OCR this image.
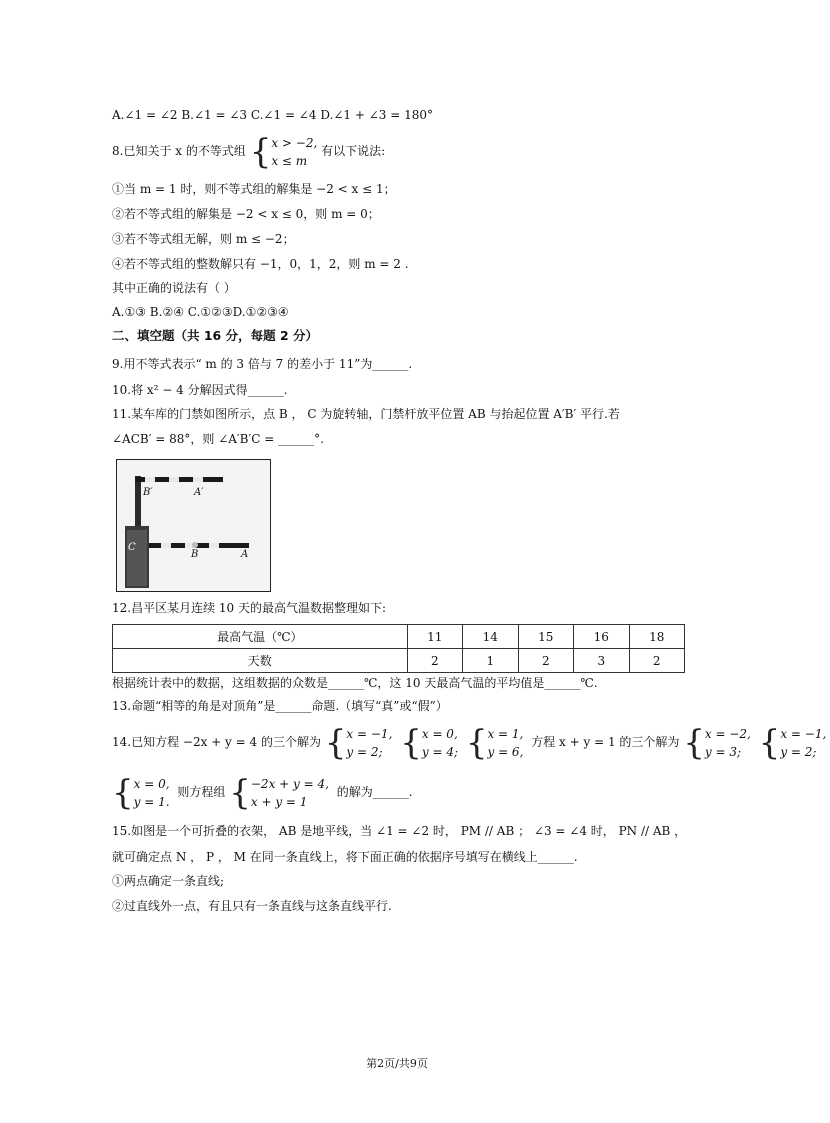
A.∠1 = ∠2 B.∠1 = ∠3 C.∠1 = ∠4 D.∠1 + ∠3 = 180°
8.已知关于 x 的不等式组 { x > −2,
x ≤ m
有以下说法:
①当 m = 1 时，则不等式组的解集是 −2 < x ≤ 1；
②若不等式组的解集是 −2 < x ≤ 0，则 m = 0；
③若不等式组无解，则 m ≤ −2；
④若不等式组的整数解只有 −1，0，1，2，则 m = 2 .
其中正确的说法有（ ）
A.①③ B.②④ C.①②③D.①②③④
二、填空题（共 16 分，每题 2 分）
9.用不等式表示“ m 的 3 倍与 7 的差小于 11”为______.
10.将 x² − 4 分解因式得______.
11.某车库的门禁如图所示，点 B ， C 为旋转轴，门禁杆放平位置 AB 与抬起位置 A′B′ 平行.若
∠ACB′ = 88°，则 ∠A′B′C = ______°.
B′	A′
C
B	A
12.昌平区某月连续 10 天的最高气温数据整理如下:
最高气温（℃）	11	14	15	16	18
天数	2	1	2	3	2
根据统计表中的数据，这组数据的众数是______℃，这 10 天最高气温的平均值是______℃.
13.命题“相等的角是对顶角”是______命题.（填写“真”或“假”）
14.已知方程 −2x + y = 4 的三个解为 { x = −1,
y = 2;
{ x = 0,
y = 4;
{ x = 1,
y = 6,
方程 x + y = 1 的三个解为 { x = −2,
y = 3;
{ x = −1,
y = 2;
{ x = 0,
y = 1.
则方程组 { −2x + y = 4,
x + y = 1
的解为______.
15.如图是一个可折叠的衣架， AB 是地平线，当 ∠1 = ∠2 时， PM // AB ； ∠3 = ∠4 时， PN // AB ，
就可确定点 N ， P ， M 在同一条直线上，将下面正确的依据序号填写在横线上______.
①两点确定一条直线;
②过直线外一点，有且只有一条直线与这条直线平行.
第2页/共9页
